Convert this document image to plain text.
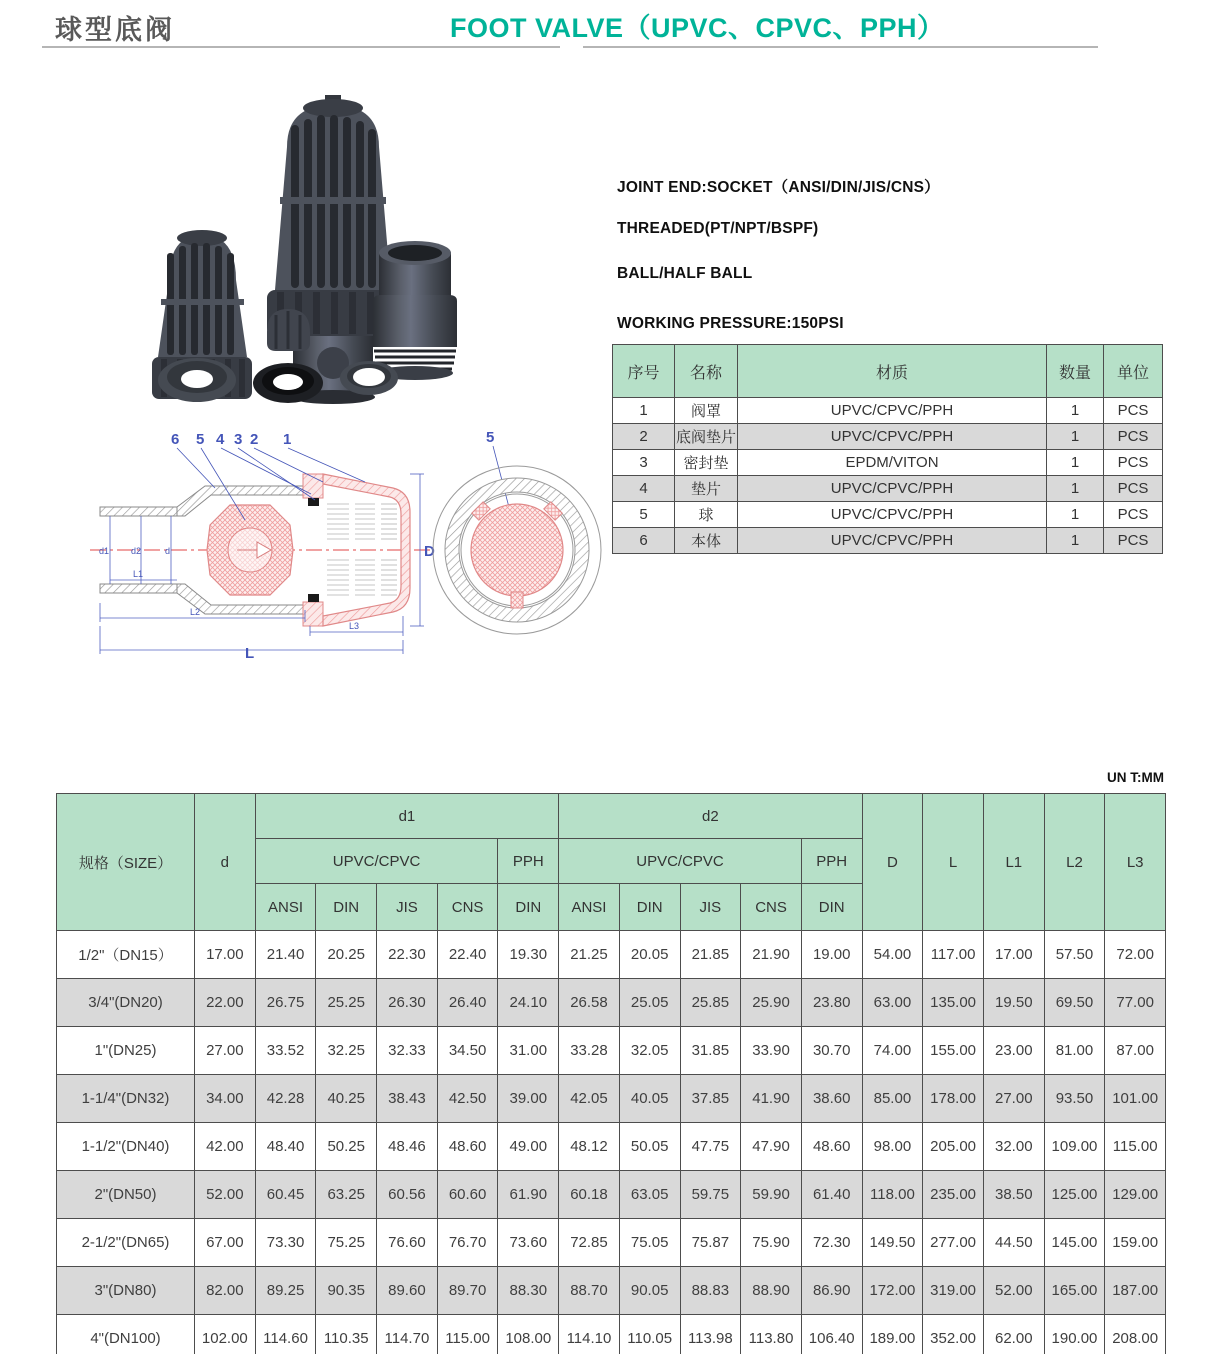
球型底阀	FOOT VALVE（UPVC、CPVC、PPH）
6 5 4 3 2 1	5
d1 d2	d
L1
L2
L3
L
D

JOINT END:SOCKET（ANSI/DIN/JIS/CNS）

THREADED(PT/NPT/BSPF)

BALL/HALF BALL

WORKING PRESSURE:150PSI

序号	名称	材质	数量	单位
1	阀罩	UPVC/CPVC/PPH	1	PCS
2	底阀垫片	UPVC/CPVC/PPH	1	PCS
3	密封垫	EPDM/VITON	1	PCS
4	垫片	UPVC/CPVC/PPH	1	PCS
5	球	UPVC/CPVC/PPH	1	PCS
6	本体	UPVC/CPVC/PPH	1	PCS
UN T:MM
规格（SIZE）	d	d1					d2					D	L	L1	L2	L3
		UPVC/CPVC				PPH	UPVC/CPVC				PPH					
		ANSI	DIN	JIS	CNS	DIN	ANSI	DIN	JIS	CNS	DIN					
1/2"（DN15）	17.00	21.40	20.25	22.30	22.40	19.30	21.25	20.05	21.85	21.90	19.00	54.00	117.00	17.00	57.50	72.00
3/4"(DN20)	22.00	26.75	25.25	26.30	26.40	24.10	26.58	25.05	25.85	25.90	23.80	63.00	135.00	19.50	69.50	77.00
1"(DN25)	27.00	33.52	32.25	32.33	34.50	31.00	33.28	32.05	31.85	33.90	30.70	74.00	155.00	23.00	81.00	87.00
1-1/4"(DN32)	34.00	42.28	40.25	38.43	42.50	39.00	42.05	40.05	37.85	41.90	38.60	85.00	178.00	27.00	93.50	101.00
1-1/2"(DN40)	42.00	48.40	50.25	48.46	48.60	49.00	48.12	50.05	47.75	47.90	48.60	98.00	205.00	32.00	109.00	115.00
2"(DN50)	52.00	60.45	63.25	60.56	60.60	61.90	60.18	63.05	59.75	59.90	61.40	118.00	235.00	38.50	125.00	129.00
2-1/2"(DN65)	67.00	73.30	75.25	76.60	76.70	73.60	72.85	75.05	75.87	75.90	72.30	149.50	277.00	44.50	145.00	159.00
3"(DN80)	82.00	89.25	90.35	89.60	89.70	88.30	88.70	90.05	88.83	88.90	86.90	172.00	319.00	52.00	165.00	187.00
4"(DN100)	102.00	114.60	110.35	114.70	115.00	108.00	114.10	110.05	113.98	113.80	106.40	189.00	352.00	62.00	190.00	208.00
